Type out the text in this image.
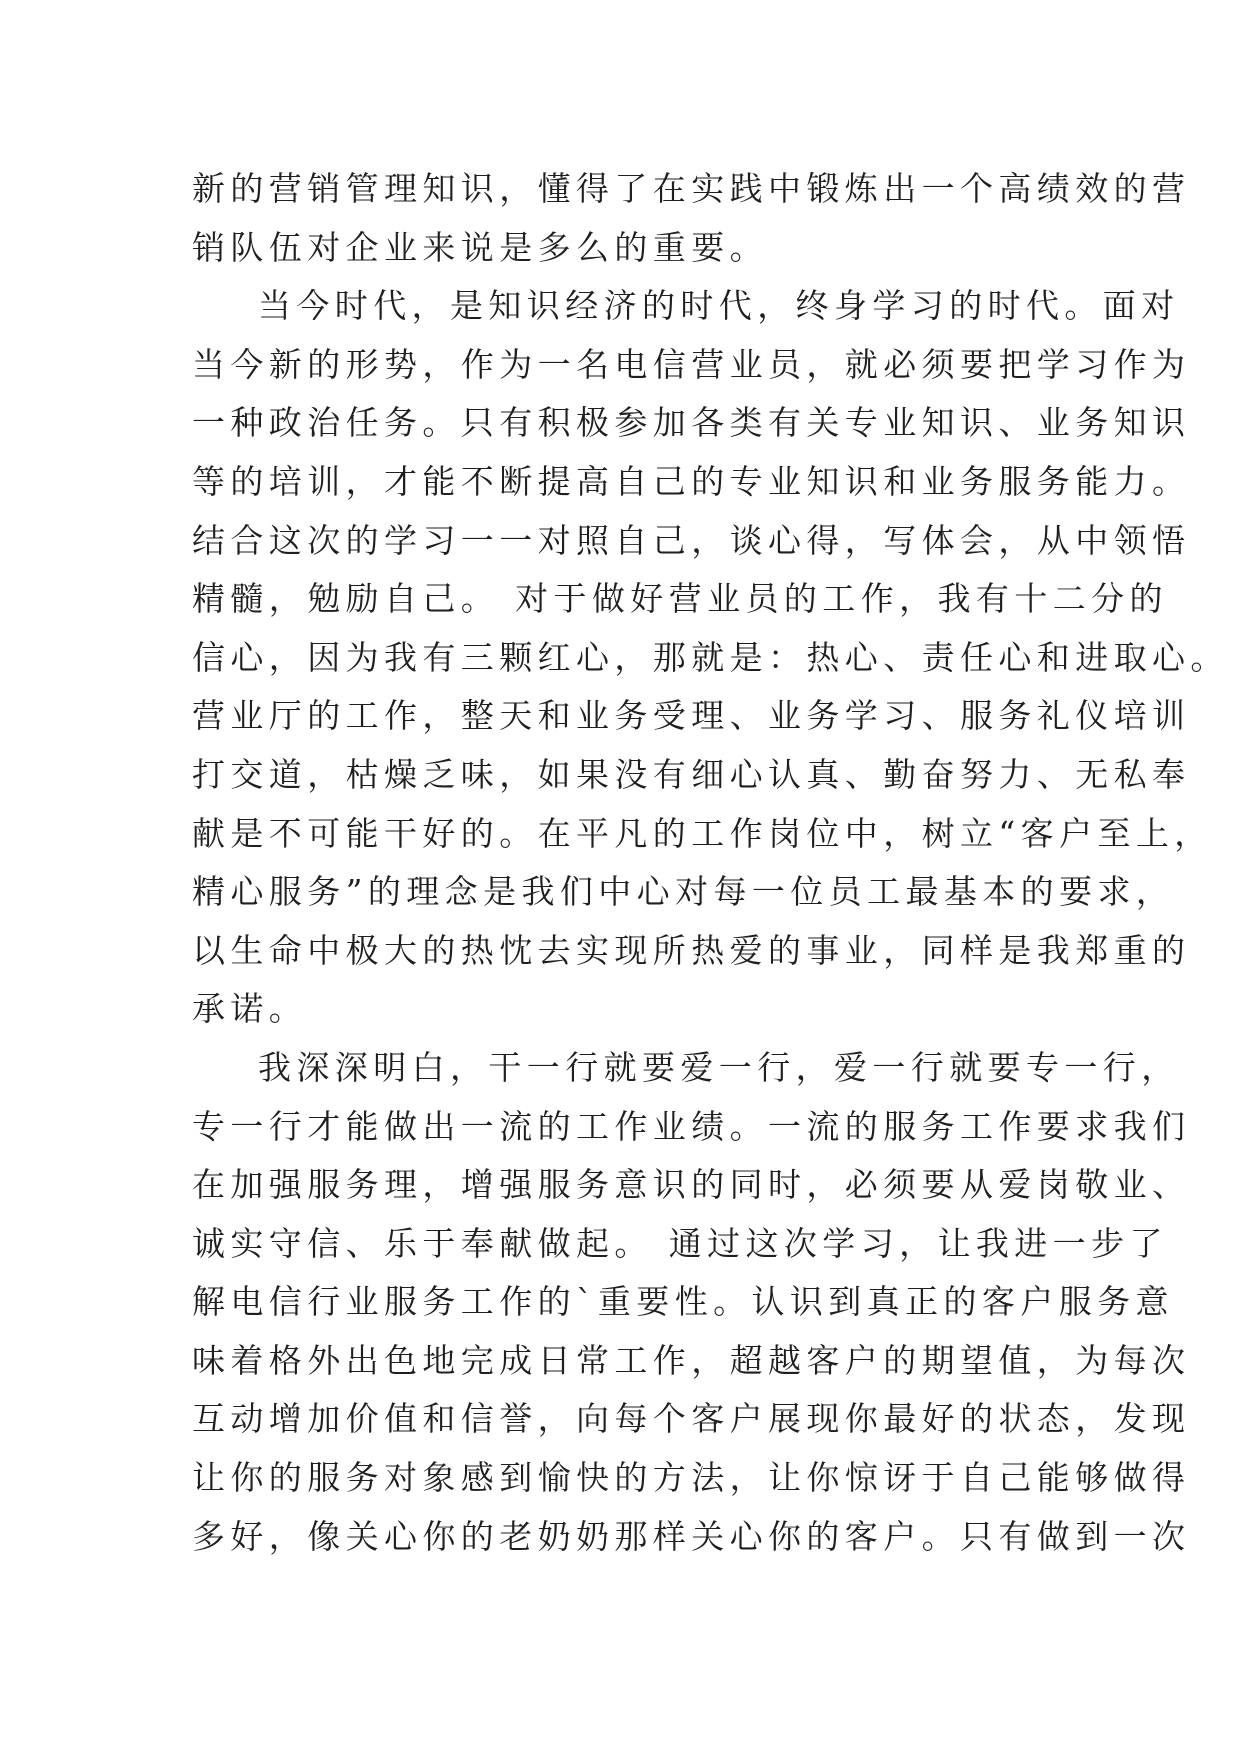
新的营销管理知识，懂得了在实践中锻炼出一个高绩效的营
销队伍对企业来说是多么的重要。
当今时代，是知识经济的时代，终身学习的时代。面对
当今新的形势，作为一名电信营业员，就必须要把学习作为
一种政治任务。只有积极参加各类有关专业知识、业务知识
等的培训，才能不断提高自己的专业知识和业务服务能力。
结合这次的学习一一对照自己，谈心得，写体会，从中领悟
精髓，勉励自己。 对于做好营业员的工作，我有十二分的
信心，因为我有三颗红心，那就是：热心、责任心和进取心。
营业厅的工作，整天和业务受理、业务学习、服务礼仪培训
打交道，枯燥乏味，如果没有细心认真、勤奋努力、无私奉
献是不可能干好的。在平凡的工作岗位中，树立“客户至上，
精心服务”的理念是我们中心对每一位员工最基本的要求，
以生命中极大的热忱去实现所热爱的事业，同样是我郑重的
承诺。
我深深明白，干一行就要爱一行，爱一行就要专一行，
专一行才能做出一流的工作业绩。一流的服务工作要求我们
在加强服务理，增强服务意识的同时，必须要从爱岗敬业、
诚实守信、乐于奉献做起。 通过这次学习，让我进一步了
解电信行业服务工作的`重要性。认识到真正的客户服务意
味着格外出色地完成日常工作，超越客户的期望值，为每次
互动增加价值和信誉，向每个客户展现你最好的状态，发现
让你的服务对象感到愉快的方法，让你惊讶于自己能够做得
多好，像关心你的老奶奶那样关心你的客户。只有做到一次
